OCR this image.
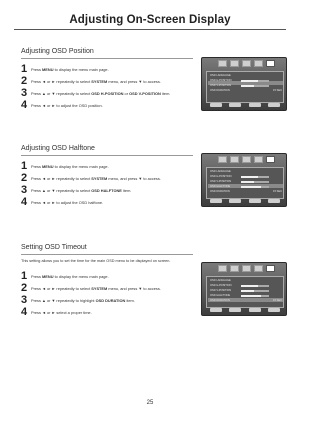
Adjusting On-Screen Display
Adjusting OSD Position
1 Press MENU to display the menu main page.
2 Press ◄ or ► repeatedly to select SYSTEM menu, and press ▼ to access.
3 Press ▲ or ▼ repeatedly to select OSD H-POSITION or OSD V-POSITION item.
4 Press ◄ or ► to adjust the OSD position.
OSD LANGUAGE
OSD H-POSITION
OSD V-POSITION
OSD DURATION	15 SEC
Adjusting OSD Halftone
1 Press MENU to display the menu main page.
2 Press ◄ or ► repeatedly to select SYSTEM menu, and press ▼ to access.
3 Press ▲ or ▼ repeatedly to select OSD HALFTONE item.
4 Press ◄ or ► to adjust the OSD halftone.
OSD LANGUAGE
OSD H-POSITION
OSD V-POSITION
OSD HALFTONE
OSD DURATION	15 SEC
Setting OSD Timeout
This setting allows you to set the time for the main OSD menu to be displayed on screen.
1 Press MENU to display the menu main page.
2 Press ◄ or ► repeatedly to select SYSTEM menu, and press ▼ to access.
3 Press ▲ or ▼ repeatedly to highlight OSD DURATION item.
4 Press ◄ or ► select a proper time.
OSD LANGUAGE
OSD H-POSITION
OSD V-POSITION
OSD HALFTONE
OSD DURATION	15 SEC
25
